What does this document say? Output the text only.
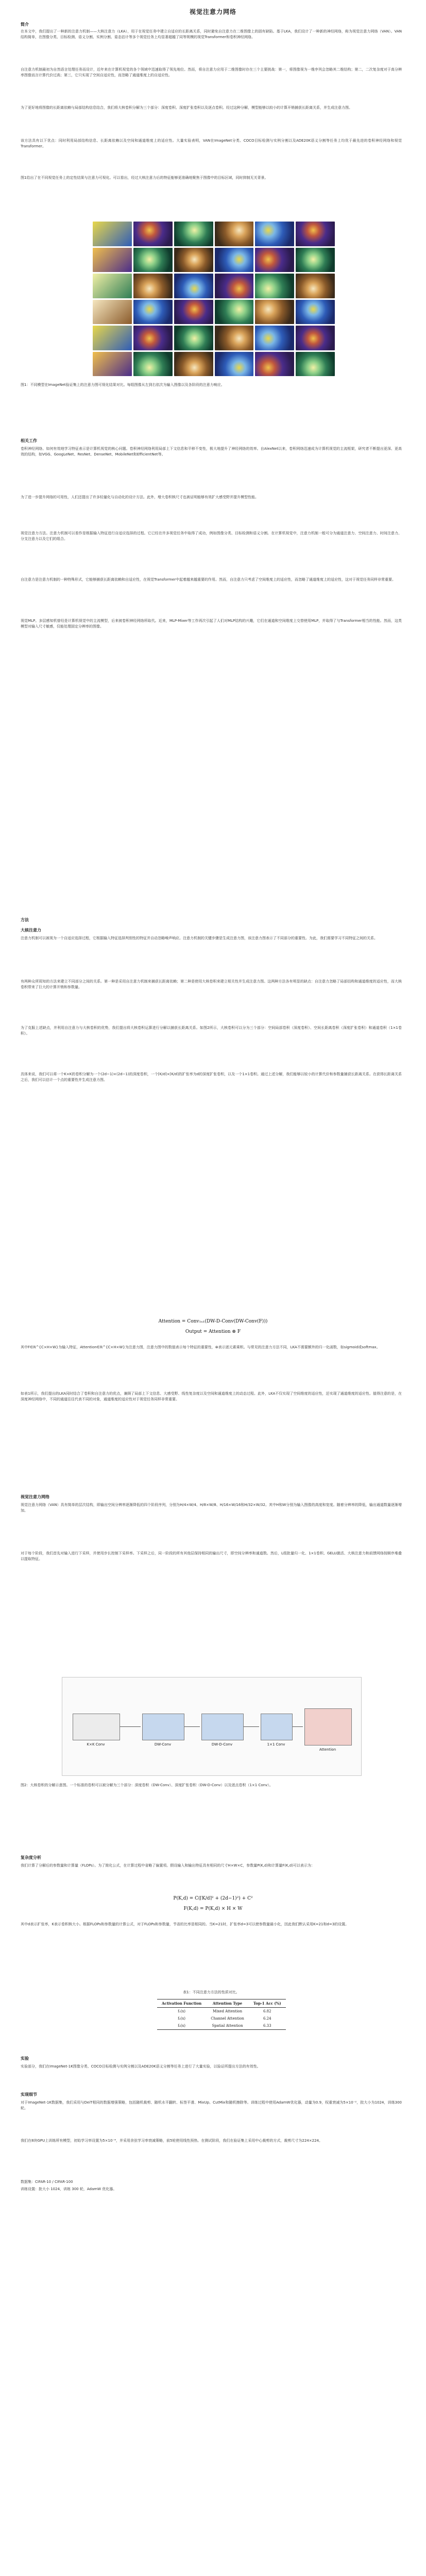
视觉注意力网络
简介

在本文中，我们提出了一种新的注意力机制——大核注意力（LKA），用于在视觉任务中建立自适应的长距离关系，同时避免自注意力在二维图像上的固有缺陷。基于LKA，我们设计了一种新的神经网络，称为视觉注意力网络（VAN）。VAN结构简单，在图像分类、目标检测、语义分割、实例分割、姿态估计等多个视觉任务上均显著超越了同等规模的视觉Transformer和卷积神经网络。

自注意力机制最初为自然语言处理任务而设计，近年来在计算机视觉的各个领域中迅速取得了领先地位。然而，将自注意力应用于二维图像时存在三个主要挑战：第一，将图像视为一维序列会忽略其二维结构；第二，二次复杂度对于高分辨率图像而言计算代价过高；第三，它只实现了空间自适应性，而忽略了通道维度上的自适应性。

为了更好地将图像的长距离依赖与局部结构信息结合，我们将大核卷积分解为三个部分：深度卷积、深度扩张卷积以及逐点卷积。经过这种分解，模型能够以较小的计算开销捕获长距离关系，并生成注意力图。

该方法具有以下优点：同时利用局部结构信息、长距离依赖以及空间和通道维度上的适应性。大量实验表明，VAN在ImageNet分类、COCO目标检测与实例分割以及ADE20K语义分割等任务上均优于最先进的卷积神经网络和视觉Transformer。

图1给出了在不同视觉任务上的定性结果与注意力可视化。可以看出，经过大核注意力后的特征能够更准确地聚焦于图像中的目标区域，同时抑制无关背景。

图1：不同模型在ImageNet验证集上的注意力图可视化结果对比。每组图像从左到右依次为输入图像以及各阶段的注意力响应。
相关工作

卷积神经网络。如何有效地学习特征表示是计算机视觉的核心问题。卷积神经网络利用局部上下文信息和平移不变性，极大地提升了神经网络的效率。自AlexNet以来，卷积网络迅速成为计算机视觉的主流框架，研究者不断提出更深、更高效的结构，如VGG、GoogLeNet、ResNet、DenseNet、MobileNet和EfficientNet等。

为了进一步提升网络的可用性，人们还提出了许多轻量化与自动化的设计方法。此外，增大卷积核尺寸也被证明能够有效扩大感受野并提升模型性能。

视觉注意力方法。注意力机制可以看作是根据输入特征进行自适应选择的过程。它已经在许多视觉任务中取得了成功，例如图像分类、目标检测和语义分割。在计算机视觉中，注意力机制一般可分为通道注意力、空间注意力、时间注意力、分支注意力以及它们的组合。

自注意力是注意力机制的一种特殊形式，它能够捕获长距离依赖和自适应性，在视觉Transformer中起着越来越重要的作用。然而，自注意力只考虑了空间维度上的适应性，而忽略了通道维度上的适应性，这对于视觉任务同样非常重要。

视觉MLP。多层感知机曾经是计算机视觉中的主流模型，后来被卷积神经网络所取代。近来，MLP-Mixer等工作再次引起了人们对MLP结构的兴趣，它们在通道和空间维度上交替使用MLP，并取得了与Transformer相当的性能。然而，这类模型对输入尺寸敏感，仅能处理固定分辨率的图像。

方法
大核注意力

注意力机制可以被视为一个自适应选择过程，它根据输入特征选择判别性的特征并自动忽略噪声响应。注意力机制的关键步骤是生成注意力图，该注意力图表示了不同部分的重要性。为此，我们需要学习不同特征之间的关系。

有两种众所周知的方法来建立不同部分之间的关系。第一种是采用自注意力机制来捕获长距离依赖；第二种是使用大核卷积来建立相关性并生成注意力图。这两种方法各有明显的缺点：自注意力忽略了局部结构和通道维度的适应性，而大核卷积带来了巨大的计算开销和参数量。

为了克服上述缺点，并利用自注意力与大核卷积的优势，我们提出将大核卷积运算进行分解以捕获长距离关系。如图2所示，大核卷积可以分为三个部分：空间局部卷积（深度卷积）、空间长距离卷积（深度扩张卷积）和通道卷积（1×1卷积）。

具体来说，我们可以将一个K×K的卷积分解为一个(2d−1)×(2d−1)的深度卷积，一个⌈K/d⌉×⌈K/d⌉的扩张率为d的深度扩张卷积，以及一个1×1卷积。通过上述分解，我们能够以较小的计算代价和参数量捕获长距离关系。在获得长距离关系之后，我们可以估计一个点的重要性并生成注意力图。

Attention = Conv₁ₓ₁(DW-D-Conv(DW-Conv(F)))
Output = Attention ⊗ F

其中F∈ℝ^{C×H×W}为输入特征，Attention∈ℝ^{C×H×W}为注意力图，注意力图中的数值表示每个特征的重要性，⊗表示逐元素乘积。与常见的注意力方法不同，LKA不需要额外的归一化函数，如sigmoid或softmax。

如表1所示，我们提出的LKA同时结合了卷积和自注意力的优点，兼顾了局部上下文信息、大感受野、线性复杂度以及空间和通道维度上的动态过程。此外，LKA不仅实现了空间维度的适应性，还实现了通道维度的适应性。值得注意的是，在深度神经网络中，不同的通道往往代表不同的对象，通道维度的适应性对于视觉任务同样非常重要。

视觉注意力网络

视觉注意力网络（VAN）具有简单的层次结构，即输出空间分辨率逐渐降低的四个阶段序列，分别为H/4×W/4、H/8×W/8、H/16×W/16和H/32×W/32。其中H和W分别为输入图像的高度和宽度。随着分辨率的降低，输出通道数量逐渐增加。

对于每个阶段，我们首先对输入进行下采样，并使用步长控制下采样率。下采样之后，同一阶段的所有其他层保持相同的输出尺寸，即空间分辨率和通道数。然后，L组批量归一化、1×1卷积、GELU激活、大核注意力和前馈网络按顺序堆叠以提取特征。

K×K Conv	DW-Conv	DW-D-Conv	1×1 Conv
Attention

图2：大核卷积的分解示意图。一个标准的卷积可以被分解为三个部分：深度卷积（DW-Conv）、深度扩张卷积（DW-D-Conv）以及逐点卷积（1×1 Conv）。

复杂度分析

我们计算了分解后的参数量和计算量（FLOPs）。为了简化公式，在计算过程中省略了偏置项。假设输入和输出特征具有相同的尺寸H×W×C，参数量P(K,d)和计算量F(K,d)可以表示为：

P(K,d) = C(⌈K/d⌉² + (2d−1)²) + C²
F(K,d) = P(K,d) × H × W

其中d表示扩张率，K表示卷积核大小。根据FLOPs和参数量的计算公式，对于FLOPs和参数量，节省的比率是相同的。当K=21时，扩张率d=3可以使参数量最小化，因此我们默认采用K=21和d=3的设置。

表1：不同注意力方法的性质对比。
Activation Function	Attention Type	Top-1 Acc (%)
f₁(x)	Mixed Attention	6.82
f₂(x)	Channel Attention	6.24
f₃(x)	Spatial Attention	6.33
实验

实验部分，我们在ImageNet-1K图像分类、COCO目标检测与实例分割以及ADE20K语义分割等任务上进行了大量实验，以验证所提出方法的有效性。

实现细节

对于ImageNet-1K数据集，我们采用与DeiT相同的数据增强策略，包括随机裁剪、随机水平翻转、标签平滑、MixUp、CutMix和随机擦除等。训练过程中使用AdamW优化器，动量为0.9，权重衰减为5×10⁻²，批大小为1024，训练300轮。

我们在8块GPU上训练所有模型，初始学习率设置为5×10⁻⁴，并采用余弦学习率衰减策略，前5轮使用线性预热。在测试阶段，我们在验证集上采用中心裁剪的方式，裁剪尺寸为224×224。

数据集：CIFAR-10 / CIFAR-100
训练设置：批大小 1024，训练 300 轮，AdamW 优化器。
